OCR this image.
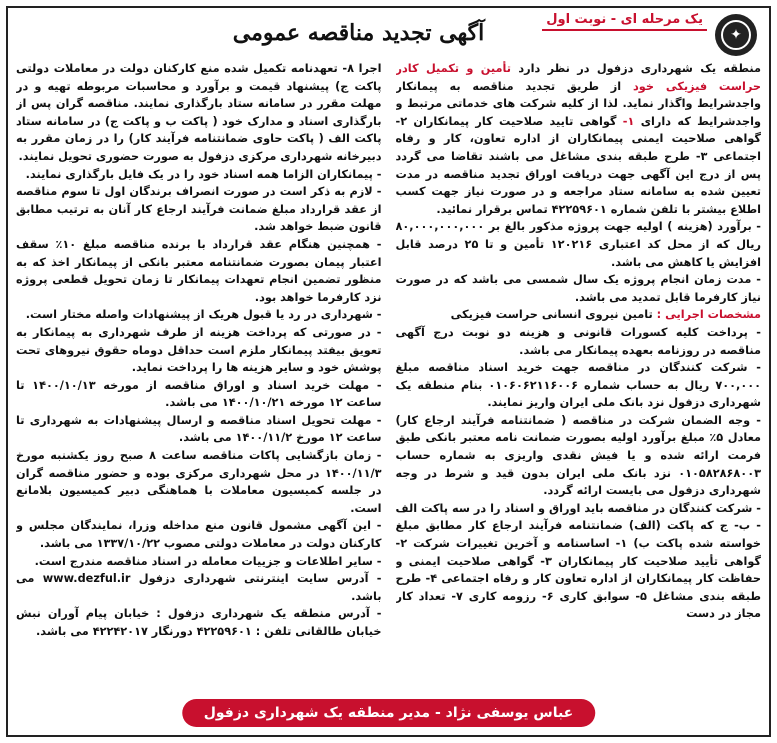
✦
یک مرحله ای - نوبت اول
آگهی تجدید مناقصه عمومی

منطقه یک شهرداری دزفول در نظر دارد تأمین و تکمیل کادر حراست فیزیکی خود از طریق تجدید مناقصه به پیمانکار واجدشرایط واگذار نماید. لذا از کلیه شرکت های خدماتی مرتبط و واجدشرایط که دارای ۱- گواهی تایید صلاحیت کار پیمانکاران ۲- گواهی صلاحیت ایمنی پیمانکاران از اداره تعاون، کار و رفاه اجتماعی ۳- طرح طبقه بندی مشاغل می باشند تقاضا می گردد پس از درج این آگهی جهت دریافت اوراق تجدید مناقصه در مدت تعیین شده به سامانه ستاد مراجعه و در صورت نیاز جهت کسب اطلاع بیشتر با تلفن شماره ۴۲۲۵۹۶۰۱ تماس برقرار نمائید.

- برآورد (هزینه ) اولیه جهت پروژه مذکور بالغ بر ۸۰,۰۰۰,۰۰۰,۰۰۰ ریال که از محل کد اعتباری ۱۲۰۲۱۶ تأمین و تا ۲۵ درصد قابل افزایش یا کاهش می باشد.

- مدت زمان انجام پروژه یک سال شمسی می باشد که در صورت نیاز کارفرما قابل تمدید می باشد.

مشخصات اجرایی : تامین نیروی انسانی حراست فیزیکی

- پرداخت کلیه کسورات قانونی و هزینه دو نوبت درج آگهی مناقصه در روزنامه بعهده پیمانکار می باشد.

- شرکت کنندگان در مناقصه جهت خرید اسناد مناقصه مبلغ ۷۰۰,۰۰۰ ریال به حساب شماره ۰۱۰۶۰۶۲۱۱۶۰۰۶ بنام منطقه یک شهرداری دزفول نزد بانک ملی ایران واریز نمایند.

- وجه الضمان شرکت در مناقصه ( ضمانتنامه فرآیند ارجاع کار) معادل ۵٪ مبلغ برآورد اولیه بصورت ضمانت نامه معتبر بانکی طبق فرمت ارائه شده و یا فیش نقدی واریزی به شماره حساب ۰۱۰۵۸۲۸۶۸۰۰۳ نزد بانک ملی ایران بدون قید و شرط در وجه شهرداری دزفول می بایست ارائه گردد.

- شرکت کنندگان در مناقصه باید اوراق و اسناد را در سه پاکت الف - ب- ج که پاکت (الف) ضمانتنامه فرآیند ارجاع کار مطابق مبلغ خواسته شده پاکت ب) ۱- اساسنامه و آخرین تغییرات شرکت ۲- گواهی تأیید صلاحیت کار پیمانکاران ۳- گواهی صلاحیت ایمنی و حفاظت کار پیمانکاران از اداره تعاون کار و رفاه اجتماعی ۴- طرح طبقه بندی مشاغل ۵- سوابق کاری ۶- رزومه کاری ۷- تعداد کار مجاز در دست

اجرا ۸- تعهدنامه تکمیل شده منع کارکنان دولت در معاملات دولتی پاکت ج) پیشنهاد قیمت و برآورد و محاسبات مربوطه تهیه و در مهلت مقرر در سامانه ستاد بارگذاری نمایند. مناقصه گران پس از بارگذاری اسناد و مدارک خود ( پاکت ب و پاکت ج) در سامانه ستاد پاکت الف ( پاکت حاوی ضمانتنامه فرآیند کار) را در زمان مقرر به دبیرخانه شهرداری مرکزی دزفول به صورت حضوری تحویل نمایند.

- پیمانکاران الزاما همه اسناد خود را در یک فایل بارگذاری نمایند.

- لازم به ذکر است در صورت انصراف برندگان اول تا سوم مناقصه از عقد قرارداد مبلغ ضمانت فرآیند ارجاع کار آنان به ترتیب مطابق قانون ضبط خواهد شد.

- همچنین هنگام عقد قرارداد با برنده مناقصه مبلغ ۱۰٪ سقف اعتبار پیمان بصورت ضمانتنامه معتبر بانکی از پیمانکار اخذ که به منظور تضمین انجام تعهدات پیمانکار تا زمان تحویل قطعی پروژه نزد کارفرما خواهد بود.

- شهرداری در رد یا قبول هریک از پیشنهادات واصله مختار است.

- در صورتی که پرداخت هزینه از طرف شهرداری به پیمانکار به تعویق بیفتد پیمانکار ملزم است حداقل دوماه حقوق نیروهای تحت پوشش خود و سایر هزینه ها را پرداخت نماید.

- مهلت خرید اسناد و اوراق مناقصه از مورخه ۱۴۰۰/۱۰/۱۳ تا ساعت ۱۲ مورخه ۱۴۰۰/۱۰/۲۱ می باشد.

- مهلت تحویل اسناد مناقصه و ارسال پیشنهادات به شهرداری تا ساعت ۱۲ مورخ ۱۴۰۰/۱۱/۲ می باشد.

- زمان بازگشایی پاکات مناقصه ساعت ۸ صبح روز یکشنبه مورخ ۱۴۰۰/۱۱/۳ در محل شهرداری مرکزی بوده و حضور مناقصه گران در جلسه کمیسیون معاملات با هماهنگی دبیر کمیسیون بلامانع است.

- این آگهی مشمول قانون منع مداخله وزرا، نمایندگان مجلس و کارکنان دولت در معاملات دولتی مصوب ۱۳۳۷/۱۰/۲۲ می باشد.

- سایر اطلاعات و جزییات معامله در اسناد مناقصه مندرج است.

- آدرس سایت اینترنتی شهرداری دزفول www.dezful.ir می باشد.

- آدرس منطقه یک شهرداری دزفول : خیابان پیام آوران نبش خیابان طالقانی تلفن : ۴۲۲۵۹۶۰۱ دورنگار ۴۲۲۴۲۰۱۷ می باشد.

عباس یوسفی نژاد - مدیر منطقه یک شهرداری دزفول
